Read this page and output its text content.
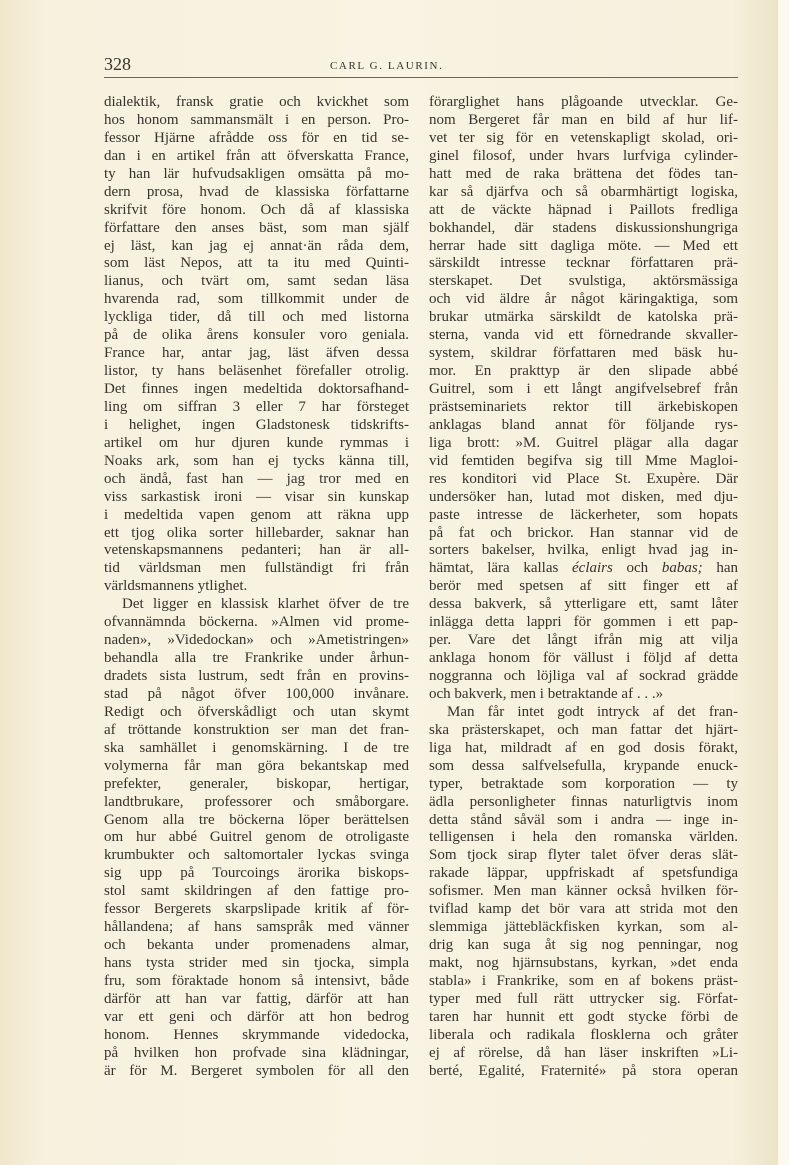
328	CARL G. LAURIN.
dialektik, fransk gratie och kvickhet som
hos honom sammansmält i en person. Pro-
fessor Hjärne afrådde oss för en tid se-
dan i en artikel från att öfverskatta France,
ty han lär hufvudsakligen omsätta på mo-
dern prosa, hvad de klassiska författarne
skrifvit före honom. Och då af klassiska
författare den anses bäst, som man själf
ej läst, kan jag ej annat·än råda dem,
som läst Nepos, att ta itu med Quinti-
lianus, och tvärt om, samt sedan läsa
hvarenda rad, som tillkommit under de
lyckliga tider, då till och med listorna
på de olika årens konsuler voro geniala.
France har, antar jag, läst äfven dessa
listor, ty hans beläsenhet förefaller otrolig.
Det finnes ingen medeltida doktorsafhand-
ling om siffran 3 eller 7 har försteget
i helighet, ingen Gladstonesk tidskrifts-
artikel om hur djuren kunde rymmas i
Noaks ark, som han ej tycks känna till,
och ändå, fast han — jag tror med en
viss sarkastisk ironi — visar sin kunskap
i medeltida vapen genom att räkna upp
ett tjog olika sorter hillebarder, saknar han
vetenskapsmannens pedanteri; han är all-
tid världsman men fullständigt fri från
världsmannens ytlighet.
Det ligger en klassisk klarhet öfver de tre
ofvannämnda böckerna. »Almen vid prome-
naden», »Videdockan» och »Ametistringen»
behandla alla tre Frankrike under århun-
dradets sista lustrum, sedt från en provins-
stad på något öfver 100,000 invånare.
Redigt och öfverskådligt och utan skymt
af tröttande konstruktion ser man det fran-
ska samhället i genomskärning. I de tre
volymerna får man göra bekantskap med
prefekter, generaler, biskopar, hertigar,
landtbrukare, professorer och småborgare.
Genom alla tre böckerna löper berättelsen
om hur abbé Guitrel genom de otroligaste
krumbukter och saltomortaler lyckas svinga
sig upp på Tourcoings ärorika biskops-
stol samt skildringen af den fattige pro-
fessor Bergerets skarpslipade kritik af för-
hållandena; af hans samspråk med vänner
och bekanta under promenadens almar,
hans tysta strider med sin tjocka, simpla
fru, som föraktade honom så intensivt, både
därför att han var fattig, därför att han
var ett geni och därför att hon bedrog
honom. Hennes skrymmande videdocka,
på hvilken hon profvade sina klädningar,
är för M. Bergeret symbolen för all den
förarglighet hans plågoande utvecklar. Ge-
nom Bergeret får man en bild af hur lif-
vet ter sig för en vetenskapligt skolad, ori-
ginel filosof, under hvars lurfviga cylinder-
hatt med de raka brättena det födes tan-
kar så djärfva och så obarmhärtigt logiska,
att de väckte häpnad i Paillots fredliga
bokhandel, där stadens diskussionshungriga
herrar hade sitt dagliga möte. — Med ett
särskildt intresse tecknar författaren prä-
sterskapet. Det svulstiga, aktörsmässiga
och vid äldre år något käringaktiga, som
brukar utmärka särskildt de katolska prä-
sterna, vanda vid ett förnedrande skvaller-
system, skildrar författaren med bäsk hu-
mor. En prakttyp är den slipade abbé
Guitrel, som i ett långt angifvelsebref från
prästseminariets rektor till ärkebiskopen
anklagas bland annat för följande rys-
liga brott: »M. Guitrel plägar alla dagar
vid femtiden begifva sig till Mme Magloi-
res konditori vid Place St. Exupère. Där
undersöker han, lutad mot disken, med dju-
paste intresse de läckerheter, som hopats
på fat och brickor. Han stannar vid de
sorters bakelser, hvilka, enligt hvad jag in-
hämtat, lära kallas éclairs och babas; han
berör med spetsen af sitt finger ett af
dessa bakverk, så ytterligare ett, samt låter
inlägga detta lappri för gommen i ett pap-
per. Vare det långt ifrån mig att vilja
anklaga honom för vällust i följd af detta
noggranna och löjliga val af sockrad grädde
och bakverk, men i betraktande af . . .»
Man får intet godt intryck af det fran-
ska prästerskapet, och man fattar det hjärt-
liga hat, mildradt af en god dosis förakt,
som dessa salfvelsefulla, krypande enuck-
typer, betraktade som korporation — ty
ädla personligheter finnas naturligtvis inom
detta stånd såväl som i andra — inge in-
telligensen i hela den romanska världen.
Som tjock sirap flyter talet öfver deras slät-
rakade läppar, uppfriskadt af spetsfundiga
sofismer. Men man känner också hvilken för-
tviflad kamp det bör vara att strida mot den
slemmiga jättebläckfisken kyrkan, som al-
drig kan suga åt sig nog penningar, nog
makt, nog hjärnsubstans, kyrkan, »det enda
stabla» i Frankrike, som en af bokens präst-
typer med full rätt uttrycker sig. Förfat-
taren har hunnit ett godt stycke förbi de
liberala och radikala flosklerna och gråter
ej af rörelse, då han läser inskriften »Li-
berté, Egalité, Fraternité» på stora operan
